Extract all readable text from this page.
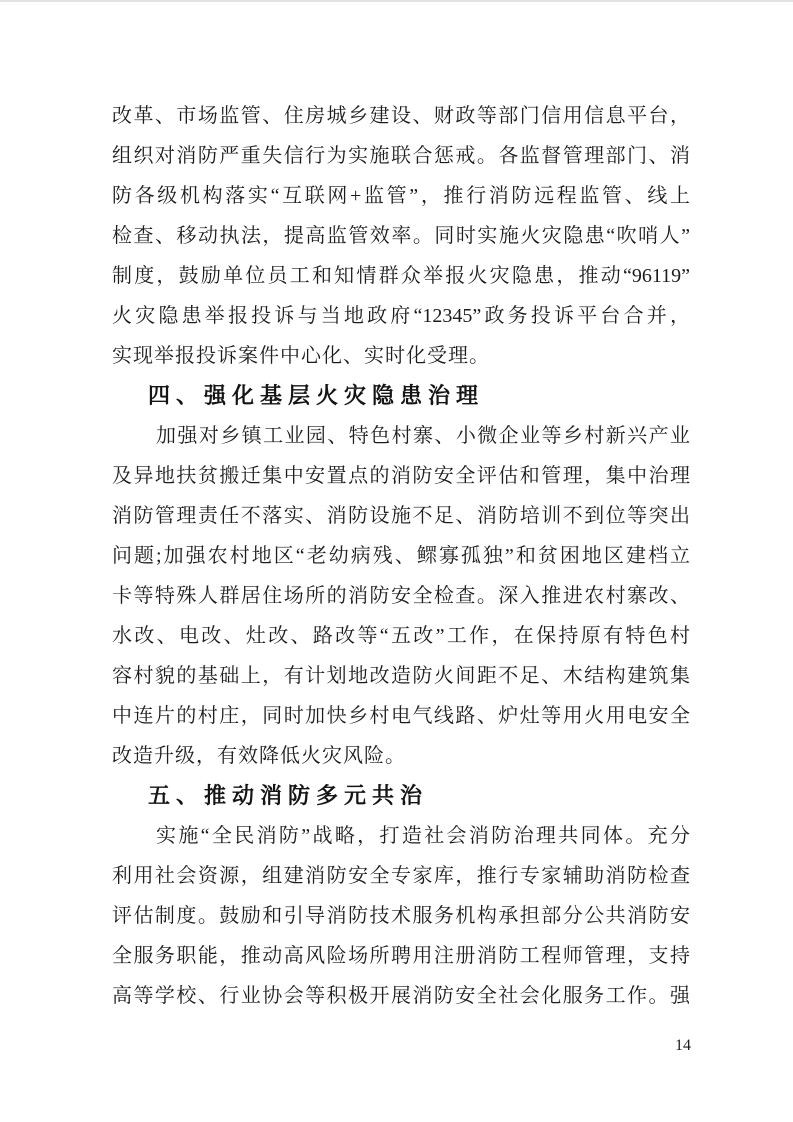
改革、市场监管、住房城乡建设、财政等部门信用信息平台，
组织对消防严重失信行为实施联合惩戒。各监督管理部门、消
防各级机构落实“互联网+监管”，推行消防远程监管、线上
检查、移动执法，提高监管效率。同时实施火灾隐患“吹哨人”
制度，鼓励单位员工和知情群众举报火灾隐患，推动“96119”
火灾隐患举报投诉与当地政府“12345”政务投诉平台合并，
实现举报投诉案件中心化、实时化受理。
四、强化基层火灾隐患治理
加强对乡镇工业园、特色村寨、小微企业等乡村新兴产业
及异地扶贫搬迁集中安置点的消防安全评估和管理，集中治理
消防管理责任不落实、消防设施不足、消防培训不到位等突出
问题;加强农村地区“老幼病残、鳏寡孤独”和贫困地区建档立
卡等特殊人群居住场所的消防安全检查。深入推进农村寨改、
水改、电改、灶改、路改等“五改”工作，在保持原有特色村
容村貌的基础上，有计划地改造防火间距不足、木结构建筑集
中连片的村庄，同时加快乡村电气线路、炉灶等用火用电安全
改造升级，有效降低火灾风险。
五、推动消防多元共治
实施“全民消防”战略，打造社会消防治理共同体。充分
利用社会资源，组建消防安全专家库，推行专家辅助消防检查
评估制度。鼓励和引导消防技术服务机构承担部分公共消防安
全服务职能，推动高风险场所聘用注册消防工程师管理，支持
高等学校、行业协会等积极开展消防安全社会化服务工作。强
14
